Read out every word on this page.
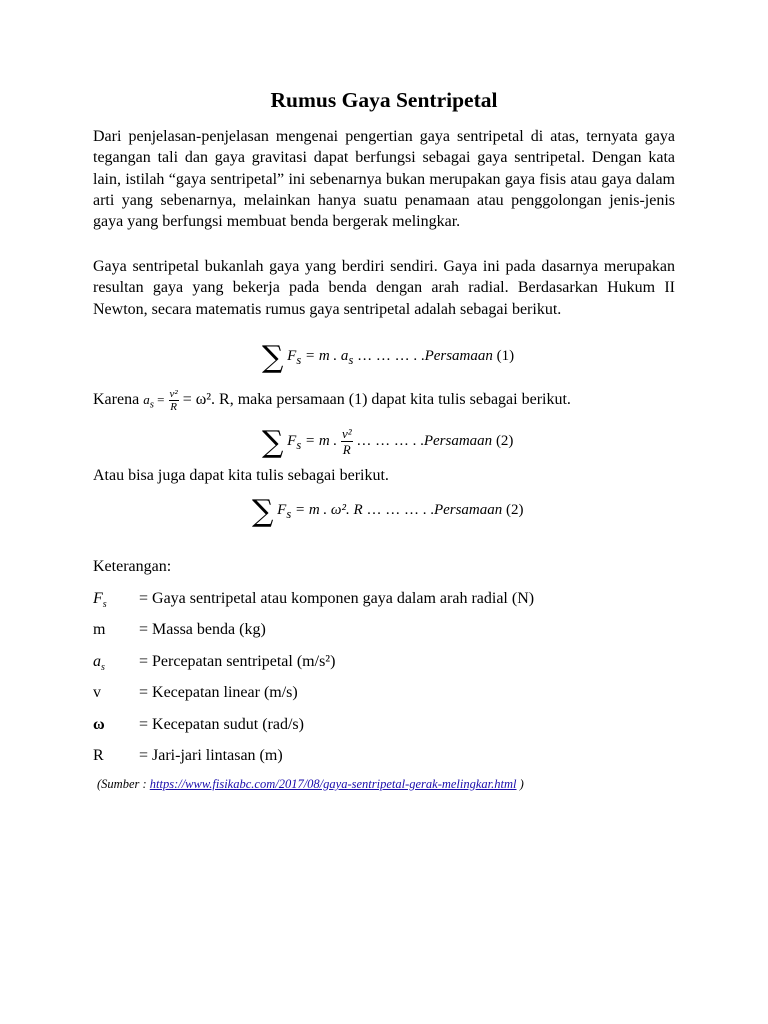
Rumus Gaya Sentripetal

Dari penjelasan-penjelasan mengenai pengertian gaya sentripetal di atas, ternyata gaya tegangan tali dan gaya gravitasi dapat berfungsi sebagai gaya sentripetal. Dengan kata lain, istilah “gaya sentripetal” ini sebenarnya bukan merupakan gaya fisis atau gaya dalam arti yang sebenarnya, melainkan hanya suatu penamaan atau penggolongan jenis-jenis gaya yang berfungsi membuat benda bergerak melingkar.

Gaya sentripetal bukanlah gaya yang berdiri sendiri. Gaya ini pada dasarnya merupakan resultan gaya yang bekerja pada benda dengan arah radial. Berdasarkan Hukum II Newton, secara matematis rumus gaya sentripetal adalah sebagai berikut.

∑ $F_s = m$ . $a_s$ … … … . .Persamaan (1)
Karena $a_s = \frac{\text{v²}}{R} = \omega^2$. R, maka persamaan (1) dapat kita tulis sebagai berikut.
∑ $F_s = m$ . $\frac{\text{v²}}{R}$ … … … . .Persamaan (2)
Atau bisa juga dapat kita tulis sebagai berikut.
∑ $F_s = m$ . ω². R … … … . .Persamaan (2)
Keterangan:
$F_s$ = Gaya sentripetal atau komponen gaya dalam arah radial (N)
m = Massa benda (kg)
$a_s$ = Percepatan sentripetal (m/s²)
v = Kecepatan linear (m/s)
ω = Kecepatan sudut (rad/s)
R = Jari-jari lintasan (m)
(Sumber : https://www.fisikabc.com/2017/08/gaya-sentripetal-gerak-melingkar.html )
